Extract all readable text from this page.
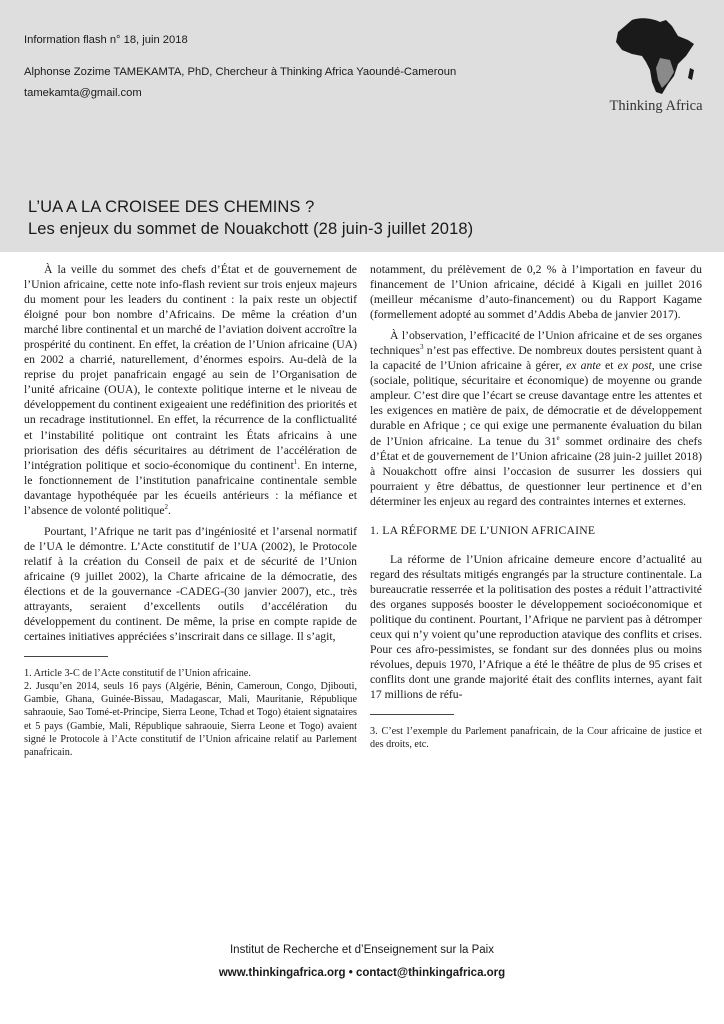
Information flash n° 18, juin 2018
Alphonse Zozime TAMEKAMTA, PhD, Chercheur à Thinking Africa Yaoundé-Cameroun
tamekamta@gmail.com
Thinking Africa
L’UA A LA CROISEE DES CHEMINS ?
Les enjeux du sommet de Nouakchott (28 juin-3 juillet 2018)

À la veille du sommet des chefs d’État et de gouvernement de l’Union africaine, cette note info-flash revient sur trois enjeux majeurs du moment pour les leaders du continent : la paix reste un objectif éloigné pour bon nombre d’Africains. De même la création d’un marché libre continental et un marché de l’aviation doivent accroître la prospérité du continent. En effet, la création de l’Union africaine (UA) en 2002 a charrié, naturellement, d’énormes espoirs. Au-delà de la reprise du projet panafricain engagé au sein de l’Organisation de l’unité africaine (OUA), le contexte politique interne et le niveau de développement du continent exigeaient une redéfinition des priorités et un recadrage institutionnel. En effet, la récurrence de la conflictualité et l’instabilité politique ont contraint les États africains à une priorisation des défis sécuritaires au détriment de l’accélération de l’intégration politique et socio-économique du continent$^1$. En interne, le fonctionnement de l’institution panafricaine continentale semble davantage hypothéquée par les écueils antérieurs : la méfiance et l’absence de volonté politique$^2$.

Pourtant, l’Afrique ne tarit pas d’ingéniosité et l’arsenal normatif de l’UA le démontre. L’Acte constitutif de l’UA (2002), le Protocole relatif à la création du Conseil de paix et de sécurité de l’Union africaine (9 juillet 2002), la Charte africaine de la démocratie, des élections et de la gouvernance -CADEG-(30 janvier 2007), etc., très attrayants, seraient d’excellents outils d’accélération du développement du continent. De même, la prise en compte rapide de certaines initiatives appréciées s’inscrirait dans ce sillage. Il s’agit,

1. Article 3-C de l’Acte constitutif de l’Union africaine.
2. Jusqu’en 2014, seuls 16 pays (Algérie, Bénin, Cameroun, Congo, Djibouti, Gambie, Ghana, Guinée-Bissau, Madagascar, Mali, Mauritanie, République sahraouie, Sao Tomé-et-Principe, Sierra Leone, Tchad et Togo) étaient signataires et 5 pays (Gambie, Mali, République sahraouie, Sierra Leone et Togo) avaient signé le Protocole à l’Acte constitutif de l’Union africaine relatif au Parlement panafricain.

notamment, du prélèvement de 0,2 % à l’importation en faveur du financement de l’Union africaine, décidé à Kigali en juillet 2016 (meilleur mécanisme d’auto-financement) ou du Rapport Kagame (formellement adopté au sommet d’Addis Abeba de janvier 2017).

À l’observation, l’efficacité de l’Union africaine et de ses organes techniques$^3$ n’est pas effective. De nombreux doutes persistent quant à la capacité de l’Union africaine à gérer, ex ante et ex post, une crise (sociale, politique, sécuritaire et économique) de moyenne ou grande ampleur. C’est dire que l’écart se creuse davantage entre les attentes et les exigences en matière de paix, de démocratie et de développement durable en Afrique ; ce qui exige une permanente évaluation du bilan de l’Union africaine. La tenue du 31e sommet ordinaire des chefs d’État et de gouvernement de l’Union africaine (28 juin-2 juillet 2018) à Nouakchott offre ainsi l’occasion de susurrer les dossiers qui pourraient y être débattus, de questionner leur pertinence et d’en déterminer les enjeux au regard des contraintes internes et externes.

1. LA RÉFORME DE L’UNION AFRICAINE

La réforme de l’Union africaine demeure encore d’actualité au regard des résultats mitigés engrangés par la structure continentale. La bureaucratie resserrée et la politisation des postes a réduit l’attractivité des organes supposés booster le développement socioéconomique et politique du continent. Pourtant, l’Afrique ne parvient pas à détromper ceux qui n’y voient qu’une reproduction atavique des conflits et crises. Pour ces afro-pessimistes, se fondant sur des données plus ou moins révolues, depuis 1970, l’Afrique a été le théâtre de plus de 95 crises et conflits dont une grande majorité était des conflits internes, ayant fait 17 millions de réfu-

3. C’est l’exemple du Parlement panafricain, de la Cour africaine de justice et des droits, etc.
Institut de Recherche et d’Enseignement sur la Paix
www.thinkingafrica.org • contact@thinkingafrica.org
